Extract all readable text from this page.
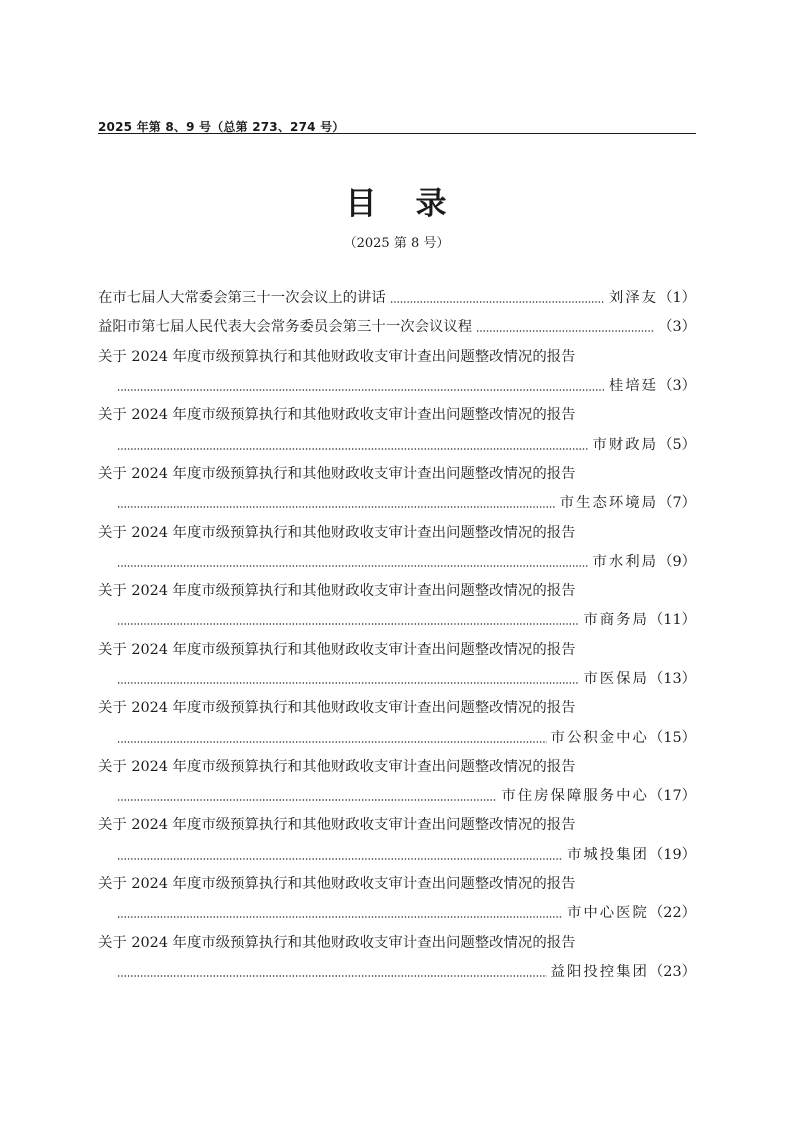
2025 年第 8、9 号（总第 273、274 号）
目 录
（2025 第 8 号）
在市七届人大常委会第三十一次会议上的讲话	刘泽友 （1）
益阳市第七届人民代表大会常务委员会第三十一次会议议程	（3）
关于 2024 年度市级预算执行和其他财政收支审计查出问题整改情况的报告
桂培廷 （3）
关于 2024 年度市级预算执行和其他财政收支审计查出问题整改情况的报告
市财政局 （5）
关于 2024 年度市级预算执行和其他财政收支审计查出问题整改情况的报告
市生态环境局 （7）
关于 2024 年度市级预算执行和其他财政收支审计查出问题整改情况的报告
市水利局 （9）
关于 2024 年度市级预算执行和其他财政收支审计查出问题整改情况的报告
市商务局 （11）
关于 2024 年度市级预算执行和其他财政收支审计查出问题整改情况的报告
市医保局 （13）
关于 2024 年度市级预算执行和其他财政收支审计查出问题整改情况的报告
市公积金中心 （15）
关于 2024 年度市级预算执行和其他财政收支审计查出问题整改情况的报告
市住房保障服务中心 （17）
关于 2024 年度市级预算执行和其他财政收支审计查出问题整改情况的报告
市城投集团 （19）
关于 2024 年度市级预算执行和其他财政收支审计查出问题整改情况的报告
市中心医院 （22）
关于 2024 年度市级预算执行和其他财政收支审计查出问题整改情况的报告
益阳投控集团 （23）
